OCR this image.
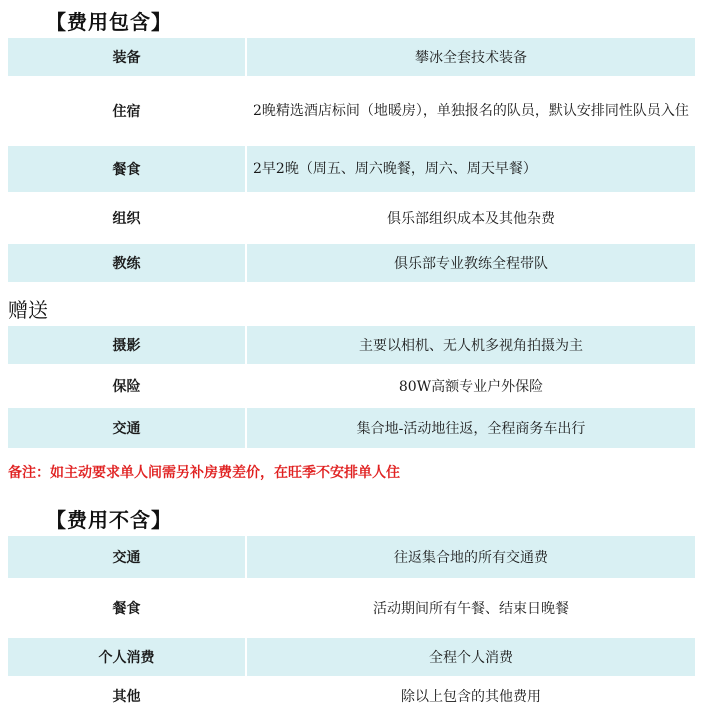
【费用包含】
装备	攀冰全套技术装备
住宿	2晚精选酒店标间（地暖房），单独报名的队员，默认安排同性队员入住
餐食	2早2晚（周五、周六晚餐，周六、周天早餐）
组织	俱乐部组织成本及其他杂费
教练	俱乐部专业教练全程带队
赠送
摄影	主要以相机、无人机多视角拍摄为主
保险	80W高额专业户外保险
交通	集合地-活动地往返，全程商务车出行
备注：如主动要求单人间需另补房费差价，在旺季不安排单人住
【费用不含】
交通	往返集合地的所有交通费
餐食	活动期间所有午餐、结束日晚餐
个人消费	全程个人消费
其他	除以上包含的其他费用
